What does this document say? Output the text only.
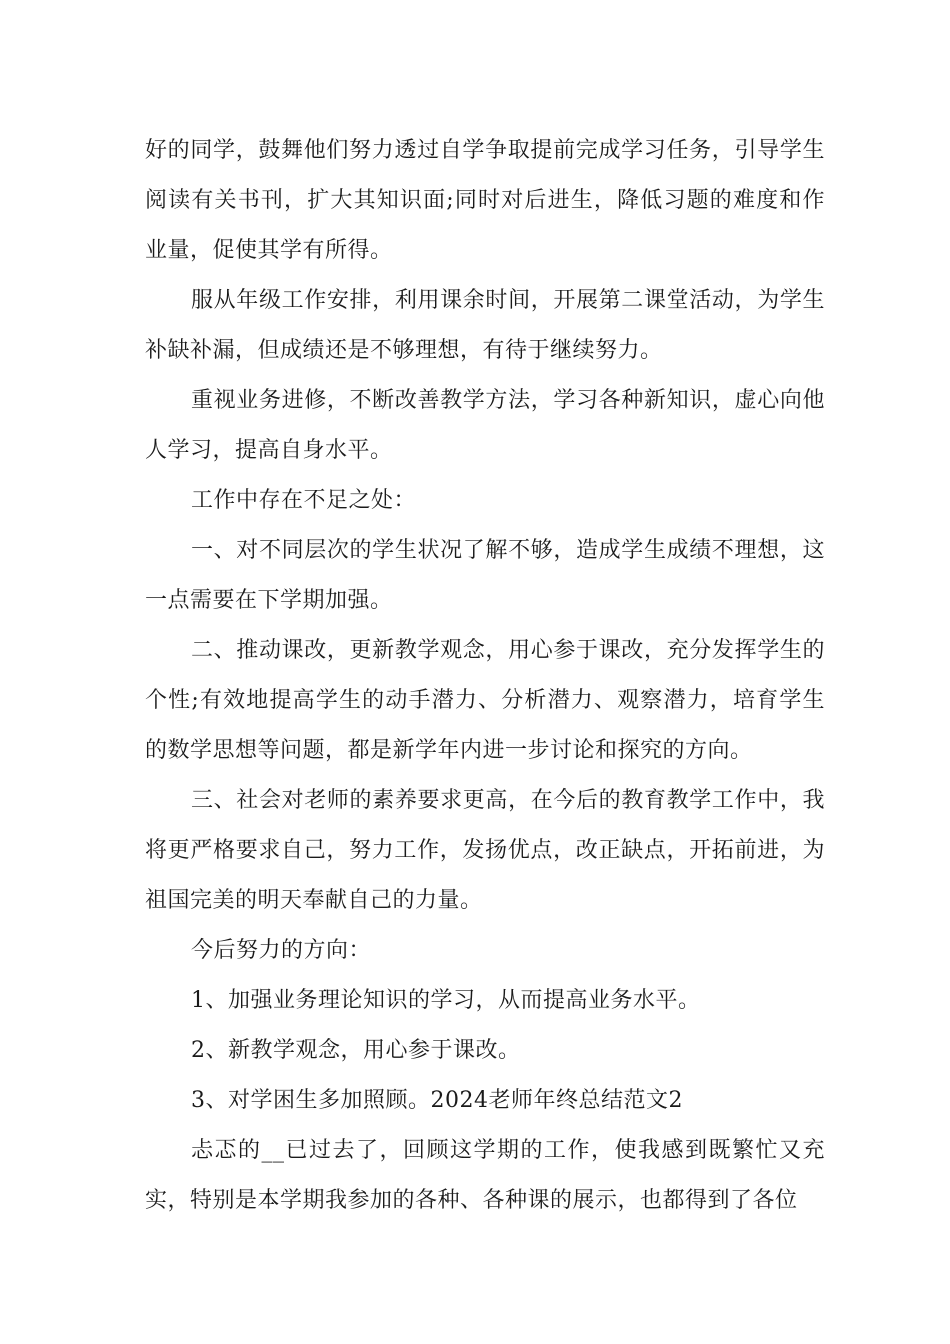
好的同学，鼓舞他们努力透过自学争取提前完成学习任务，引导学生阅读有关书刊，扩大其知识面;同时对后进生，降低习题的难度和作业量，促使其学有所得。

服从年级工作安排，利用课余时间，开展第二课堂活动，为学生补缺补漏，但成绩还是不够理想，有待于继续努力。

重视业务进修，不断改善教学方法，学习各种新知识，虚心向他人学习，提高自身水平。

工作中存在不足之处：

一、对不同层次的学生状况了解不够，造成学生成绩不理想，这一点需要在下学期加强。

二、推动课改，更新教学观念，用心参于课改，充分发挥学生的个性;有效地提高学生的动手潜力、分析潜力、观察潜力，培育学生的数学思想等问题，都是新学年内进一步讨论和探究的方向。

三、社会对老师的素养要求更高，在今后的教育教学工作中，我将更严格要求自己，努力工作，发扬优点，改正缺点，开拓前进，为祖国完美的明天奉献自己的力量。

今后努力的方向：

1、加强业务理论知识的学习，从而提高业务水平。

2、新教学观念，用心参于课改。

3、对学困生多加照顾。2024老师年终总结范文2

忐忑的__已过去了，回顾这学期的工作，使我感到既繁忙又充实，特别是本学期我参加的各种、各种课的展示，也都得到了各位
